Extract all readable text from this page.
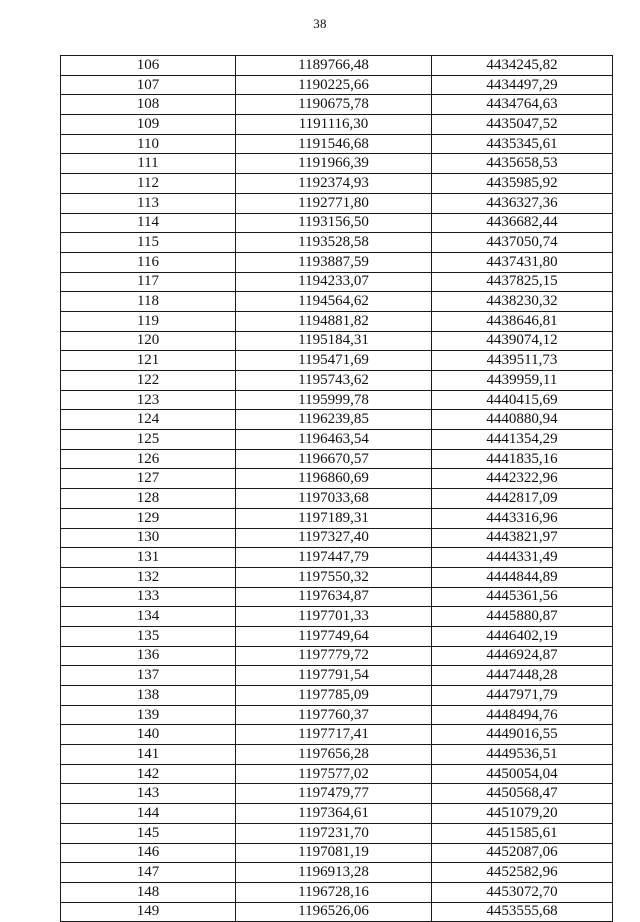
38
106	1189766,48	4434245,82
107	1190225,66	4434497,29
108	1190675,78	4434764,63
109	1191116,30	4435047,52
110	1191546,68	4435345,61
111	1191966,39	4435658,53
112	1192374,93	4435985,92
113	1192771,80	4436327,36
114	1193156,50	4436682,44
115	1193528,58	4437050,74
116	1193887,59	4437431,80
117	1194233,07	4437825,15
118	1194564,62	4438230,32
119	1194881,82	4438646,81
120	1195184,31	4439074,12
121	1195471,69	4439511,73
122	1195743,62	4439959,11
123	1195999,78	4440415,69
124	1196239,85	4440880,94
125	1196463,54	4441354,29
126	1196670,57	4441835,16
127	1196860,69	4442322,96
128	1197033,68	4442817,09
129	1197189,31	4443316,96
130	1197327,40	4443821,97
131	1197447,79	4444331,49
132	1197550,32	4444844,89
133	1197634,87	4445361,56
134	1197701,33	4445880,87
135	1197749,64	4446402,19
136	1197779,72	4446924,87
137	1197791,54	4447448,28
138	1197785,09	4447971,79
139	1197760,37	4448494,76
140	1197717,41	4449016,55
141	1197656,28	4449536,51
142	1197577,02	4450054,04
143	1197479,77	4450568,47
144	1197364,61	4451079,20
145	1197231,70	4451585,61
146	1197081,19	4452087,06
147	1196913,28	4452582,96
148	1196728,16	4453072,70
149	1196526,06	4453555,68
